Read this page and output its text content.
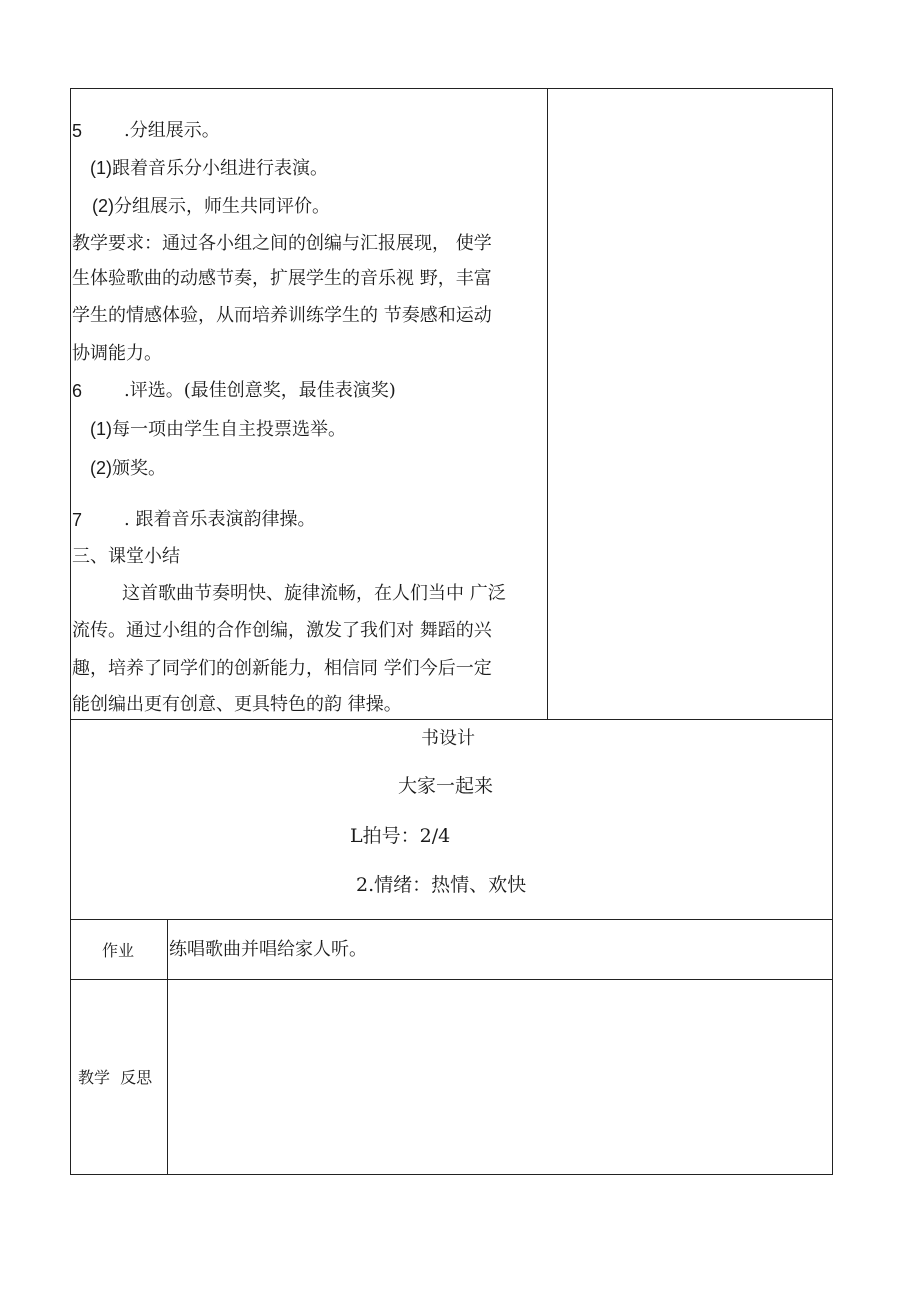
5 .分组展示。
(1)跟着音乐分小组进行表演。
(2)分组展示，师生共同评价。
教学要求：通过各小组之间的创编与汇报展现， 使学
生体验歌曲的动感节奏，扩展学生的音乐视 野，丰富
学生的情感体验，从而培养训练学生的 节奏感和运动
协调能力。
6 .评选。(最佳创意奖，最佳表演奖)
(1)每一项由学生自主投票选举。
(2)颁奖。
7 . 跟着音乐表演韵律操。
三、课堂小结
这首歌曲节奏明快、旋律流畅，在人们当中 广泛
流传。通过小组的合作创编，激发了我们对 舞蹈的兴
趣，培养了同学们的创新能力，相信同 学们今后一定
能创编出更有创意、更具特色的韵 律操。
书设计
大家一起来
L拍号：2/4
2.情绪：热情、欢快
作业 练唱歌曲并唱给家人听。
教学  反思
